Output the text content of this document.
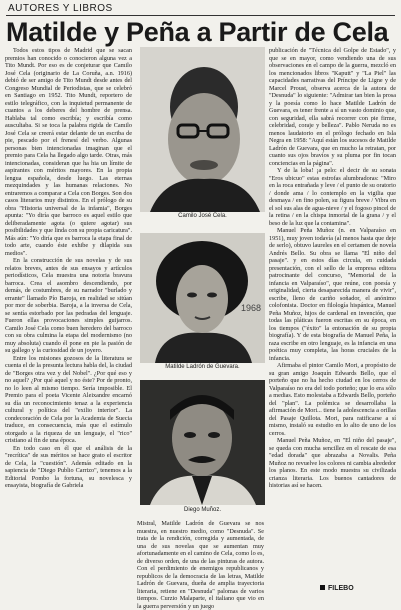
AUTORES Y LIBROS
Matilde y Peña a Partir de Cela

Todos estos tipos de Madrid que se sacan premios han conocido o conocieron alguna vez a Tito Mundt. Por eso es de conjeturar que Camilo José Cela (originario de La Coruña, a.n. 1916) debió de ser amigo de Tito Mundt desde antes del Congreso Mundial de Periodistas, que se celebró en Santiago en 1952. Tito Mundt, reportero de estilo telegráfico, con la inquietud permanente de cuantos a los deberes del hombre de prensa. Hablaba tal como escribía; y escribía como auscultaba. Si se toca la palabra rigida de Camilo José Cela se creerá estar delante de un escriba de pie, pescado por el frenesí del verbo. Algunas personas bien intencionadas imaginan que el premio para Cela ha llegado algo tarde. Otras, más intencionadas, consideran que ha hia un límite de aspirantes con méritos mayores. En la propia lengua española, desde luego. Las eternas mezquindades y las humanas relaciones. No entraremos a comparar a Cela con Borges. Son dos casos literarios muy distintos. En el prólogo de su obra "Historia universal de la infamia", Borges apunta: "Yo diría que barroco es aquel estilo que deliberadamente agota (o quiere agotar) sus posibilidades y que linda con su propia caricatura". Más aún: "Yo diría que es barroca la etapa final de todo arte, cuando éste exhibe y dilapida sus medios".

En la construcción de sus novelas y de sus relatos breves, antes de sus ensayos y artículos periodísticos, Cela muestra una notoria bravura barroca. Crea el asombro descendiendo, por demás, de costumbres, de su narrador "burlado y errante" llamado Pío Baroja, en realidad se sitúan por mor de soberbia. Baroja, a la inversa de Cela, se sentía estorbado por las pedradas del lenguaje. Fueron ellas provocaciones simples guijarros. Camilo José Cela como buen heredero del barroco con su obra culmina la etapa del modernismo (no muy absoluta) cuando él pone en pie la pasión de su gallego y la curiosidad de un joyero.

Entre los misiones gozosos de la literatura se cuenta el de la presunta lectura habla del, la ciudad de "Borges otra vez y del Nobel". ¿Por qué eso y no aquel? ¿Por qué aquel y no éste? Por de pronto, no lo leen al mismo tiempo. Sería imposible. El Premio para el poeta Vicente Aleixandre encarnó su día un reconocimiento tenaz a la experiencia cultural y política del "exilio interior". La condecoración de Cela por la Academia de Suecia traduce, en consecuencia, más que el estímulo otorgado a la riqueza de un lenguaje, el "rico" cristiano al fin de una época.

En todo caso en él que el análisis de la "recrítica" de sus méritos se hace grato el escritor de Cela, la "cuestión". Además editado en la sapiencia de "Diego Publio Carrizo", tenemos a la Editorial Pombo la fortuna, su novelesca y ensayista, biografía de Gabriela

Camilo José Cela.
1968
Matilde Ladrón de Guevara.
Diego Muñoz.

Mistral, Matilde Ladrón de Guevara se nos muestra, en nuestro medio, como "Desnuda". Se trata de la rendición, corregida y aumentada, de una de sus novelas que se aumentan muy afortunadamente en el camino de Cela, como lo es, de diverso orden, de una de las pinturas de autora. Con el perdimiento de enemigos republicanos y republicos de la democracia de las letras, Matilde Ladrón de Guevara, dueña de amplia trayectoria literaria, retiene en "Desnuda" palomas de varios tiempos. Curzio Malaparte, el italiano que vio en la guerra perversión y un juego

publicación de "Técnica del Golpe de Estado", y que se en mayor, como vendiendo una de sus observaciones en el campo de la guerra, mezcló en los mencionados libros "Kaputt" y "La Piel" las capacidades narrativas del Príncipe de Ligne y de Marcel Proust, observa acerca de la autora de "Desnuda" lo siguiente: "Admirar tan bien la prosa y la poesía como lo hace Matilde Ladrón de Guevara, es tener frente a sí un vasto dominio que, con seguridad, ella sabrá recorrer con pie firme, celebridad, coraje y belleza". Pablo Neruda no es menos laudatorio en el prólogo fechado en Isla Negra en 1958: "Aquí están los sucesos de Matilde Ladrón de Guevara, que en mucho la retratan, por cuanto sus ojos bravíos y su pluma por fin tocan conciencias en la página".

Y de la loba! ¡a pelo: el decir de su sonata "Eros ubicuo" estas estrofas alumbradoras: "Miro en la roca entrañada y leve / el punto de su oratorio / donde ama / lo contemplo en la vigilia que desmaya / en fino polen, su figura breve / Vibra en el sol sus alas de agua-nieve / y el fogoso pincel de la retina / en la chispa inmortal de la grana / y el beso de la luz que la contamina".

Manuel Peña Muñoz (n. en Valparaíso en 1951), muy joven todavía (al menos hasta que deje de serlo), obtuvo laureles en el certamen de novela Andrés Bello. Su obra se llama "El niño del pasaje". y en estos días circula, en cuidada presentación, con el sello de la empresa editora patrocinante del concurso, "Memorial de la infancia en Valparaíso", que reúne, con poesía y originalidad, cierta desaparecida manera de vivir", escribe, lleno de cariño soñador, el anónimo colofonista. Doctor en filología hispánica, Manuel Peña Muñoz, hijos de cardenal en invención, que todas las pláticas fueron escritas en su época, en los tiempos ("éxito" la entonación de su propia biografía). Y de esta biografía de Manuel Peña, la raza escribe en otro lenguaje, es la infancia en una poética muy completa, las horas cruciales de la infancia.

Afirmaba el pintor Camilo Mori, a propósito de su gran amigo Joaquín Edwards Bello, que el porteño que no ha hecho ciudad en los cerros de Valparaíso no era del todo porteño; que lo era sólo a medias. Esto molestaba a Edwards Bello, porteño del "plan". La polémica se desarrollaba la afirmación de Mori... tiene la adolescencia a orillas del Pasaje Quillota. Mori, para ratificarse a sí mismo, instaló su estudio en lo alto de uno de los cerros.

Manuel Peña Muñoz, en "El niño del pasaje", se queda con mucha sencillez en el rescate de esa "edad dorada" que abrazaba a Novalis. Peña Muñoz no revuelve los colores ni cambia alrededor los planos. En este modo muestra su civilizada crianza literaria. Los buenos cantadores de historias así se hacen.

FILEBO
